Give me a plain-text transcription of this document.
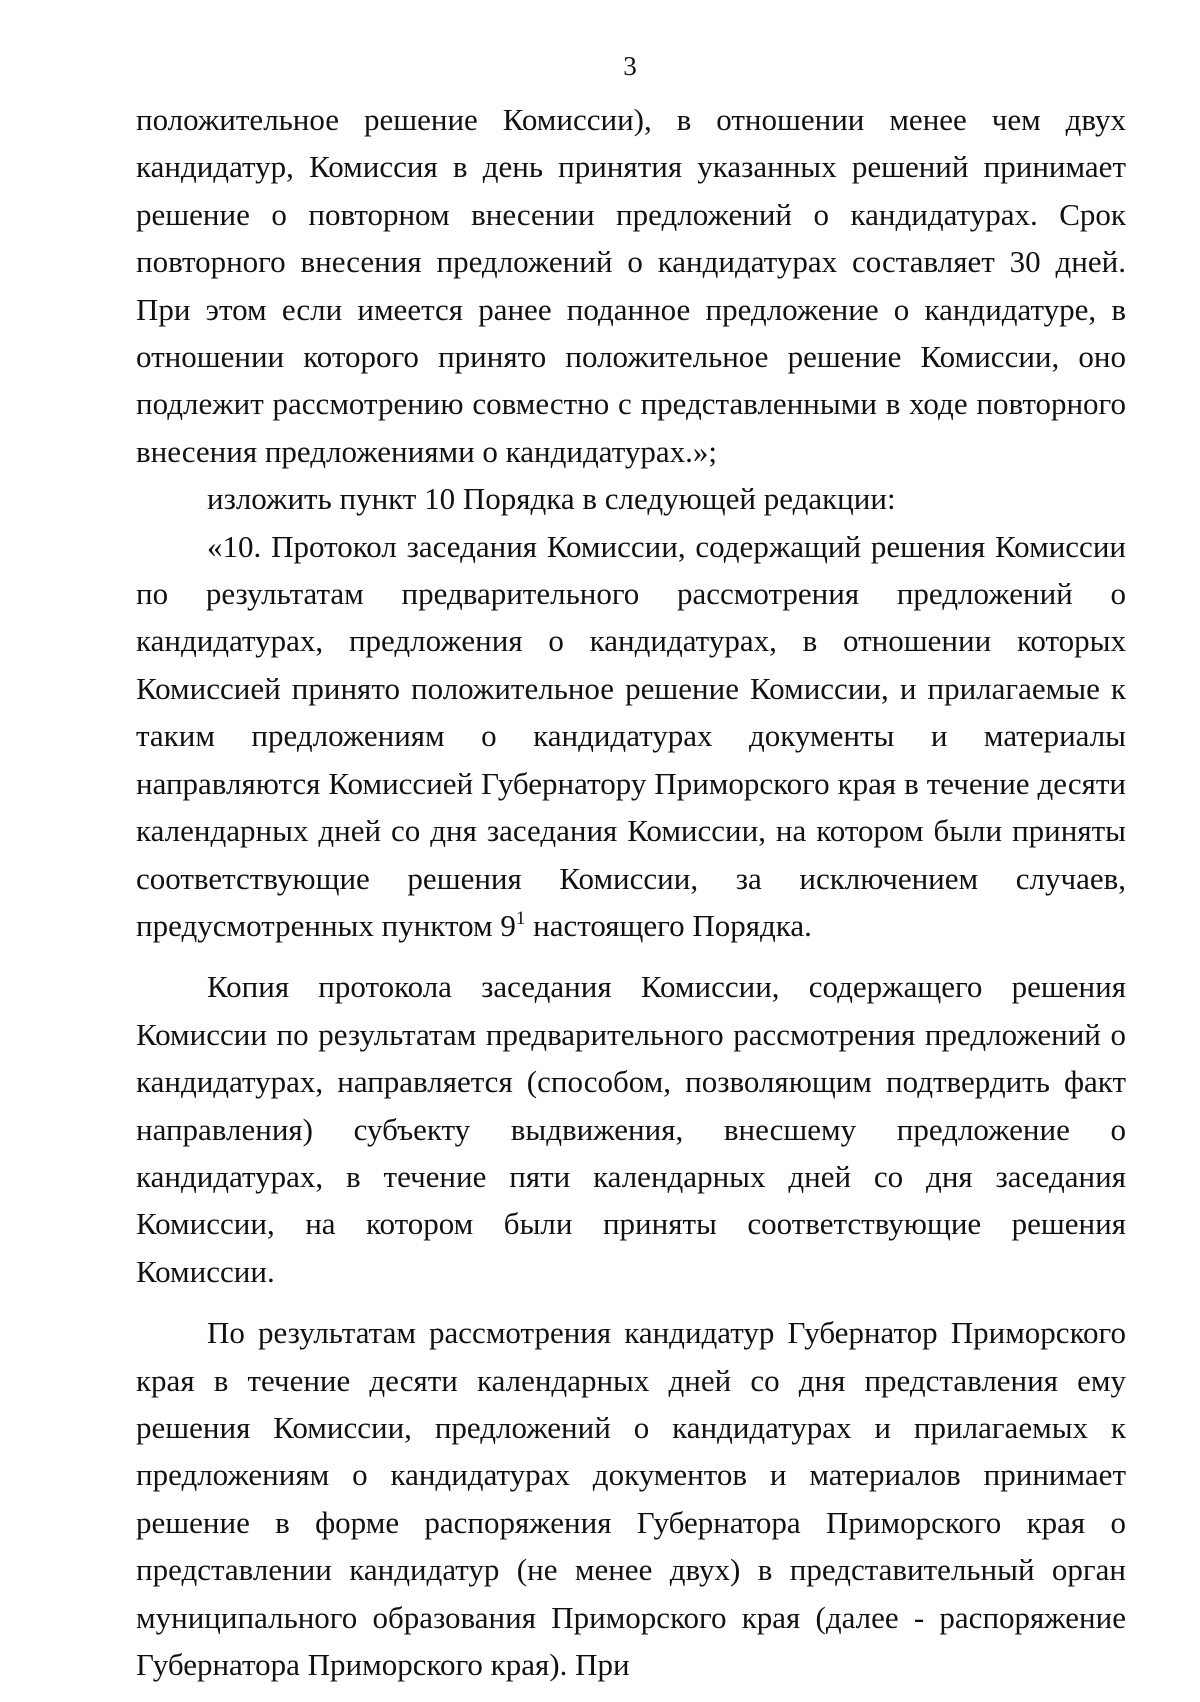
3

положительное решение Комиссии), в отношении менее чем двух кандидатур, Комиссия в день принятия указанных решений принимает решение о повторном внесении предложений о кандидатурах. Срок повторного внесения предложений о кандидатурах составляет 30 дней. При этом если имеется ранее поданное предложение о кандидатуре, в отношении которого принято положительное решение Комиссии, оно подлежит рассмотрению совместно с представленными в ходе повторного внесения предложениями о кандидатурах.»;

изложить пункт 10 Порядка в следующей редакции:

«10. Протокол заседания Комиссии, содержащий решения Комиссии по результатам предварительного рассмотрения предложений о кандидатурах, предложения о кандидатурах, в отношении которых Комиссией принято положительное решение Комиссии, и прилагаемые к таким предложениям о кандидатурах документы и материалы направляются Комиссией Губернатору Приморского края в течение десяти календарных дней со дня заседания Комиссии, на котором были приняты соответствующие решения Комиссии, за исключением случаев, предусмотренных пунктом $9^1$ настоящего Порядка.

Копия протокола заседания Комиссии, содержащего решения Комиссии по результатам предварительного рассмотрения предложений о кандидатурах, направляется (способом, позволяющим подтвердить факт направления) субъекту выдвижения, внесшему предложение о кандидатурах, в течение пяти календарных дней со дня заседания Комиссии, на котором были приняты соответствующие решения Комиссии.

По результатам рассмотрения кандидатур Губернатор Приморского края в течение десяти календарных дней со дня представления ему решения Комиссии, предложений о кандидатурах и прилагаемых к предложениям о кандидатурах документов и материалов принимает решение в форме распоряжения Губернатора Приморского края о представлении кандидатур (не менее двух) в представительный орган муниципального образования Приморского края (далее - распоряжение Губернатора Приморского края). При
